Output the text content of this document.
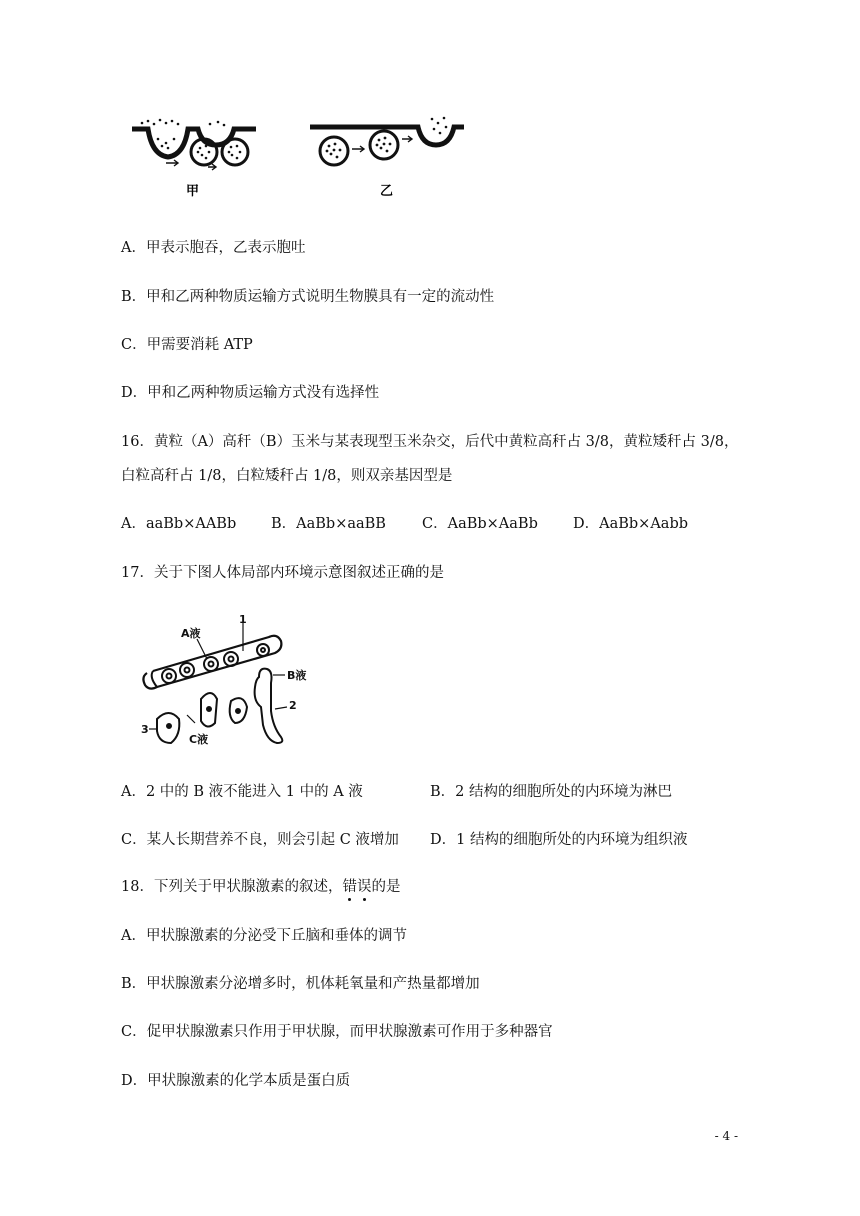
甲	乙
A．甲表示胞吞，乙表示胞吐
B．甲和乙两种物质运输方式说明生物膜具有一定的流动性
C．甲需要消耗 ATP
D．甲和乙两种物质运输方式没有选择性
16．黄粒（A）高秆（B）玉米与某表现型玉米杂交，后代中黄粒高秆占 3/8，黄粒矮秆占 3/8，
白粒高秆占 1/8，白粒矮秆占 1/8，则双亲基因型是
A．aaBb×AABb B．AaBb×aaBB C．AaBb×AaBb D．AaBb×Aabb
17．关于下图人体局部内环境示意图叙述正确的是
A液
1
B液
2
C液
3
A．2 中的 B 液不能进入 1 中的 A 液	B．2 结构的细胞所处的内环境为淋巴
C．某人长期营养不良，则会引起 C 液增加 D．1 结构的细胞所处的内环境为组织液
18．下列关于甲状腺激素的叙述，错误的是
A．甲状腺激素的分泌受下丘脑和垂体的调节
B．甲状腺激素分泌增多时，机体耗氧量和产热量都增加
C．促甲状腺激素只作用于甲状腺，而甲状腺激素可作用于多种器官
D．甲状腺激素的化学本质是蛋白质
- 4 -
